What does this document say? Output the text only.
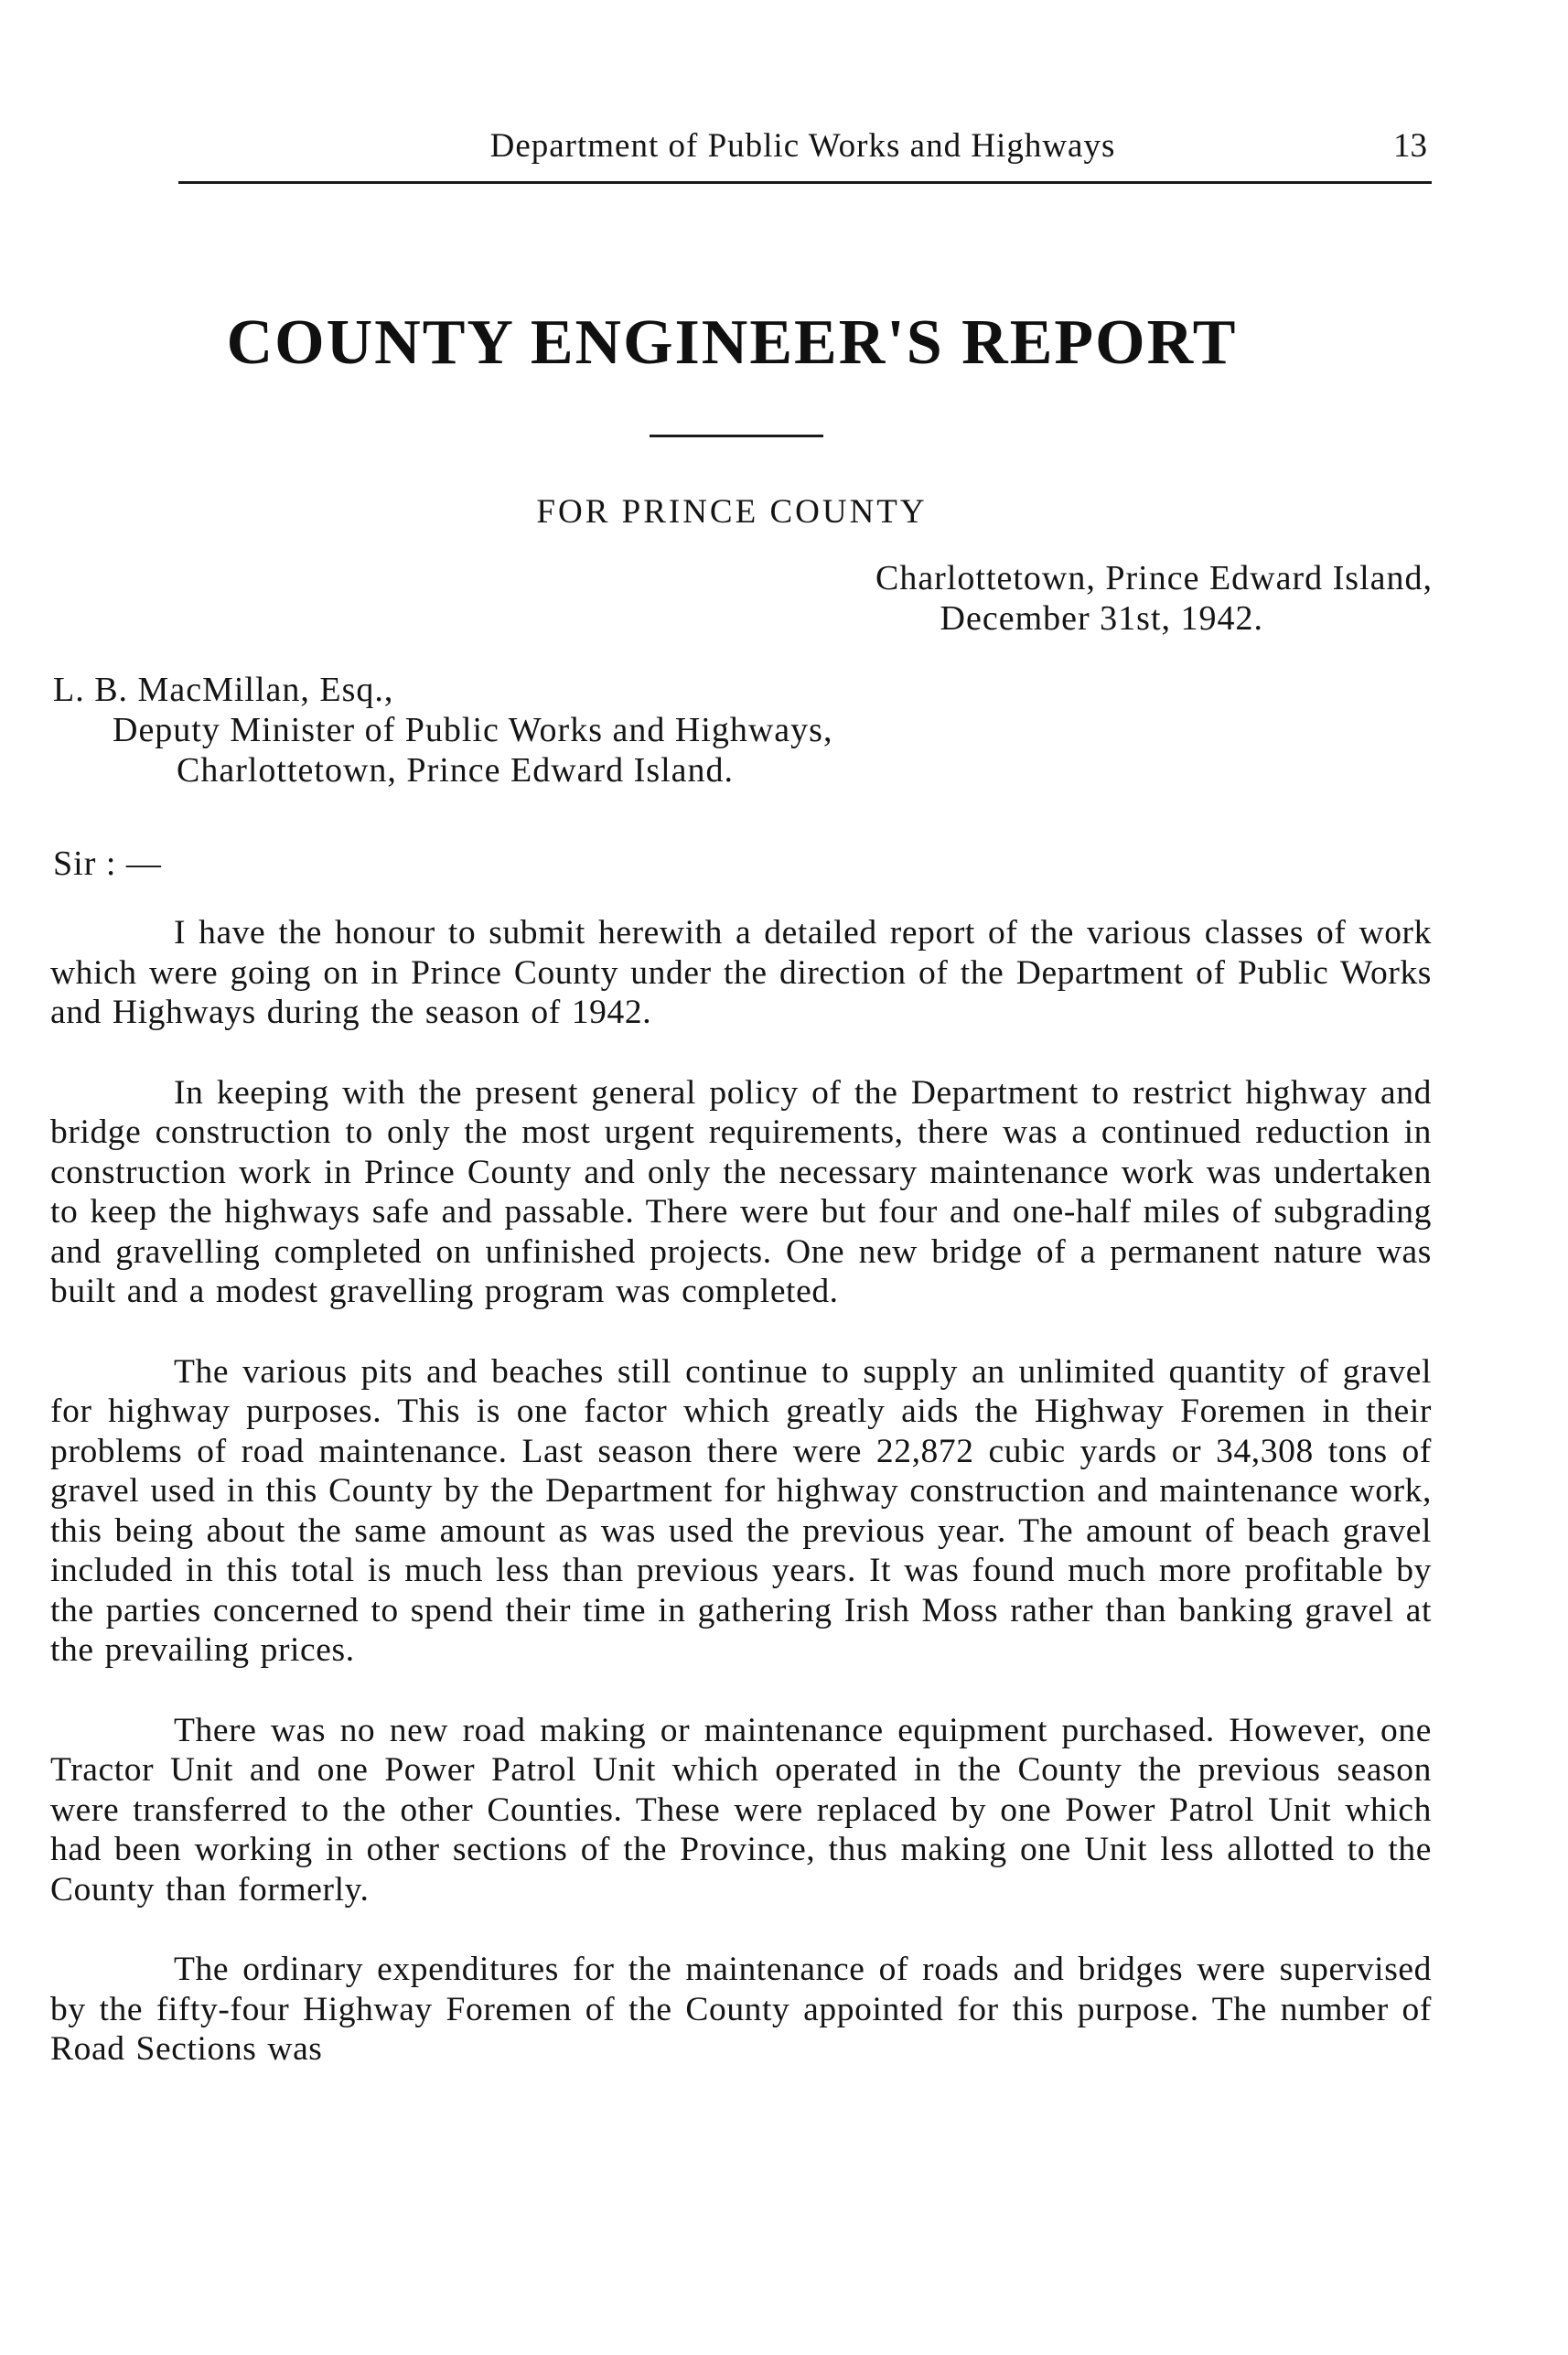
Department of Public Works and Highways	13
COUNTY ENGINEER'S REPORT
FOR PRINCE COUNTY
Charlottetown, Prince Edward Island,
December 31st, 1942.
L. B. MacMillan, Esq.,
Deputy Minister of Public Works and Highways,
Charlottetown, Prince Edward Island.
Sir : —

I have the honour to submit herewith a detailed report of the various classes of work which were going on in Prince County under the direction of the Department of Public Works and Highways during the season of 1942.

In keeping with the present general policy of the Department to restrict highway and bridge construction to only the most urgent requirements, there was a continued reduction in construction work in Prince County and only the necessary maintenance work was undertaken to keep the highways safe and passable. There were but four and one-half miles of subgrading and gravelling completed on unfinished projects. One new bridge of a permanent nature was built and a modest gravelling program was completed.

The various pits and beaches still continue to supply an unlimited quantity of gravel for highway purposes. This is one factor which greatly aids the Highway Foremen in their problems of road maintenance. Last season there were 22,872 cubic yards or 34,308 tons of gravel used in this County by the Department for highway construction and maintenance work, this being about the same amount as was used the previous year. The amount of beach gravel included in this total is much less than previous years. It was found much more profitable by the parties concerned to spend their time in gathering Irish Moss rather than banking gravel at the prevailing prices.

There was no new road making or maintenance equipment purchased. However, one Tractor Unit and one Power Patrol Unit which operated in the County the previous season were transferred to the other Counties. These were replaced by one Power Patrol Unit which had been working in other sections of the Province, thus making one Unit less allotted to the County than formerly.

The ordinary expenditures for the maintenance of roads and bridges were supervised by the fifty-four Highway Foremen of the County appointed for this purpose. The number of Road Sections was
